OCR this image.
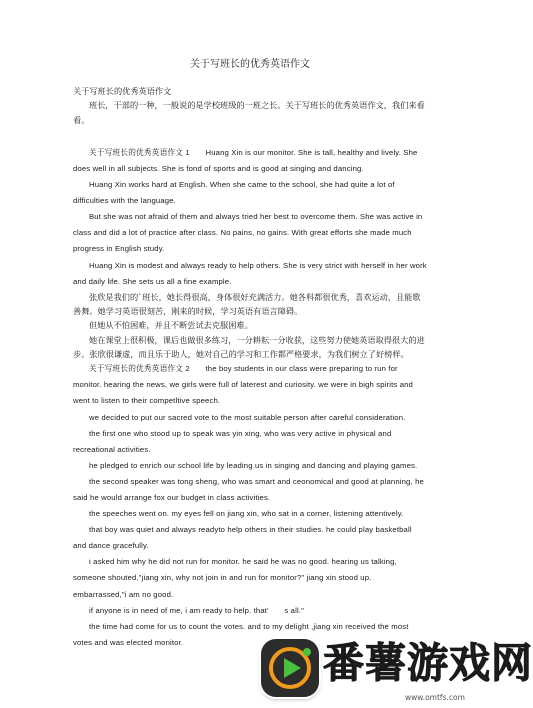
关于写班长的优秀英语作文

关于写班长的优秀英语作文

班长，干部的一种，一般说的是学校班级的一班之长。关于写班长的优秀英语作文，我们来看看。

关于写班长的优秀英语作文 1　　Huang Xin is our monitor. She is tall, healthy and lively. She does well in all subjects. She is fond of sports and is good at singing and dancing.

Huang Xin works hard at English. When she came to the school, she had quite a lot of difficulties with the language.

But she was not afraid of them and always tried her best to overcome them. She was active in class and did a lot of practice after class. No pains, no gains. With great efforts she made much progress in English study.

Huang Xin is modest and always ready to help others. She is very strict with herself in her work and daily life. She sets us all a fine example.

张欣是我们的`班长，她长得很高，身体很好充满活力。她各科都很优秀，喜欢运动，且能歌善舞。她学习英语很刻苦，刚来的时候，学习英语有语言障碍。

但她从不怕困难，并且不断尝试去克服困难。

她在课堂上很积极，课后也做很多练习，一分耕耘一分收获，这些努力使她英语取得很大的进步。张欣很谦虚，而且乐于助人，她对自己的学习和工作都严格要求，为我们树立了好榜样。

关于写班长的优秀英语作文 2　　the boy students in our class were preparing to run for monitor. hearing the news, we girls were full of laterest and curiosity. we were in bigh spirits and went to listen to their competltive speech.

we decided to put our sacred vote to the most suitable person after careful consideration.

the first one who stood up to speak was yin xing, who was very active in physical and recreational activities.

he pledged to enrich our school life by leading us in singing and dancing and playing games.

the second speaker was tong sheng, who was smart and ceonomical and good at planning, he said he would arrange fox our budget in class activities.

the speeches went on. my eyes fell on jiang xin, who sat in a corner, listening attentively.

that boy was quiet and always readyto help others in their studies. he could play basketball and dance gracefully.

i asked him why he did not run for monitor. he said he was no good. hearing us talking, someone shouted,"jiang xin, why not join in and run for monitor?" jiang xin stood up. embarrassed,"i am no good.

if anyone is in need of me, i am ready to help. that'　　s all."

the time had come for us to count the votes. and to my delight ,jiang xin received the most votes and was elected monitor.	番薯游戏网
www.omtfs.com
